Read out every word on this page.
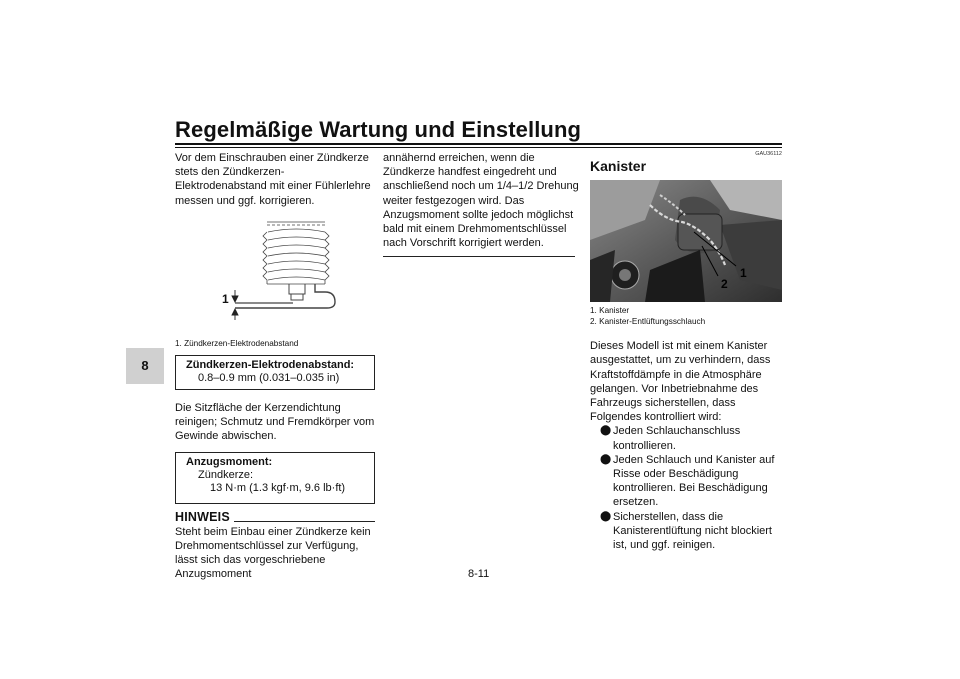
Regelmäßige Wartung und Einstellung
8

Vor dem Einschrauben einer Zündkerze stets den Zündkerzen-Elektrodenabstand mit einer Fühlerlehre messen und ggf. korrigieren.

1

1. Zündkerzen-Elektrodenabstand

Zündkerzen-Elektrodenabstand:
0.8–0.9 mm (0.031–0.035 in)

Die Sitzfläche der Kerzendichtung reinigen; Schmutz und Fremdkörper vom Gewinde abwischen.

Anzugsmoment:
Zündkerze:
13 N·m (1.3 kgf·m, 9.6 lb·ft)
HINWEIS

Steht beim Einbau einer Zündkerze kein Drehmomentschlüssel zur Verfügung, lässt sich das vorgeschriebene Anzugsmoment

annähernd erreichen, wenn die Zündkerze handfest eingedreht und anschließend noch um 1/4–1/2 Drehung weiter festgezogen wird. Das Anzugsmoment sollte jedoch möglichst bald mit einem Drehmomentschlüssel nach Vorschrift korrigiert werden.

GAU36112
Kanister
1
2

1. Kanister

2. Kanister-Entlüftungsschlauch

Dieses Modell ist mit einem Kanister ausgestattet, um zu verhindern, dass Kraftstoffdämpfe in die Atmosphäre gelangen. Vor Inbetriebnahme des Fahrzeugs sicherstellen, dass Folgendes kontrolliert wird:

⬤ Jeden Schlauchanschluss kontrollieren.
⬤ Jeden Schlauch und Kanister auf Risse oder Beschädigung kontrollieren. Bei Beschädigung ersetzen.
⬤ Sicherstellen, dass die Kanisterentlüftung nicht blockiert ist, und ggf. reinigen.
8-11
